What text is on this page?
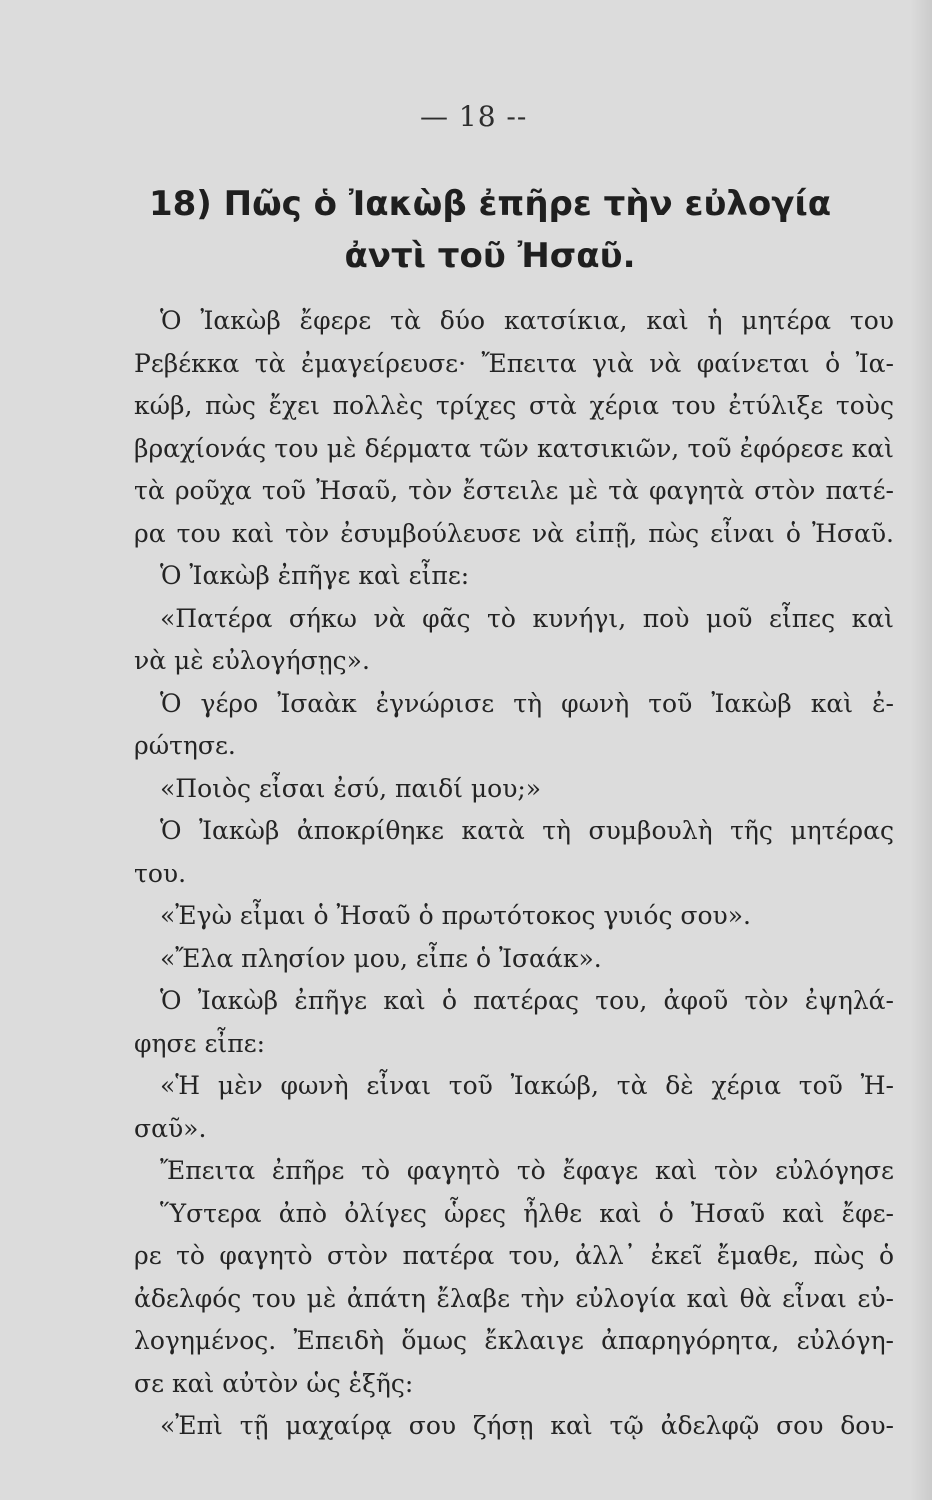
— 18 --
18) Πῶς ὁ Ἰακὼβ ἐπῆρε τὴν εὐλογία
ἀντὶ τοῦ Ἠσαῦ.
Ὁ Ἰακὼβ ἔφερε τὰ δύο κατσίκια, καὶ ἡ μητέρα του
Ρεβέκκα τὰ ἐμαγείρευσε· Ἔπειτα γιὰ νὰ φαίνεται ὁ Ἰα-
κώβ, πὼς ἔχει πολλὲς τρίχες στὰ χέρια του ἐτύλιξε τοὺς
βραχίονάς του μὲ δέρματα τῶν κατσικιῶν, τοῦ ἐφόρεσε καὶ
τὰ ροῦχα τοῦ Ἠσαῦ, τὸν ἔστειλε μὲ τὰ φαγητὰ στὸν πατέ-
ρα του καὶ τὸν ἐσυμβούλευσε νὰ εἰπῇ, πὼς εἶναι ὁ Ἠσαῦ.
Ὁ Ἰακὼβ ἐπῆγε καὶ εἶπε:
«Πατέρα σήκω νὰ φᾶς τὸ κυνήγι, ποὺ μοῦ εἶπες καὶ
νὰ μὲ εὐλογήσῃς».
Ὁ γέρο Ἰσαὰκ ἐγνώρισε τὴ φωνὴ τοῦ Ἰακὼβ καὶ ἐ-
ρώτησε.
«Ποιὸς εἶσαι ἐσύ, παιδί μου;»
Ὁ Ἰακὼβ ἀποκρίθηκε κατὰ τὴ συμβουλὴ τῆς μητέρας
του.
«Ἐγὼ εἶμαι ὁ Ἠσαῦ ὁ πρωτότοκος γυιός σου».
«Ἔλα πλησίον μου, εἶπε ὁ Ἰσαάκ».
Ὁ Ἰακὼβ ἐπῆγε καὶ ὁ πατέρας του, ἀφοῦ τὸν ἐψηλά-
φησε εἶπε:
«Ἡ μὲν φωνὴ εἶναι τοῦ Ἰακώβ, τὰ δὲ χέρια τοῦ Ἠ-
σαῦ».
Ἔπειτα ἐπῆρε τὸ φαγητὸ τὸ ἔφαγε καὶ τὸν εὐλόγησε
Ὕστερα ἀπὸ ὀλίγες ὧρες ἦλθε καὶ ὁ Ἠσαῦ καὶ ἔφε-
ρε τὸ φαγητὸ στὸν πατέρα του, ἀλλ᾽ ἐκεῖ ἔμαθε, πὼς ὁ
ἀδελφός του μὲ ἀπάτη ἔλαβε τὴν εὐλογία καὶ θὰ εἶναι εὐ-
λογημένος. Ἐπειδὴ ὅμως ἔκλαιγε ἀπαρηγόρητα, εὐλόγη-
σε καὶ αὐτὸν ὡς ἑξῆς:
«Ἐπὶ τῇ μαχαίρᾳ σου ζήσῃ καὶ τῷ ἀδελφῷ σου δου-
